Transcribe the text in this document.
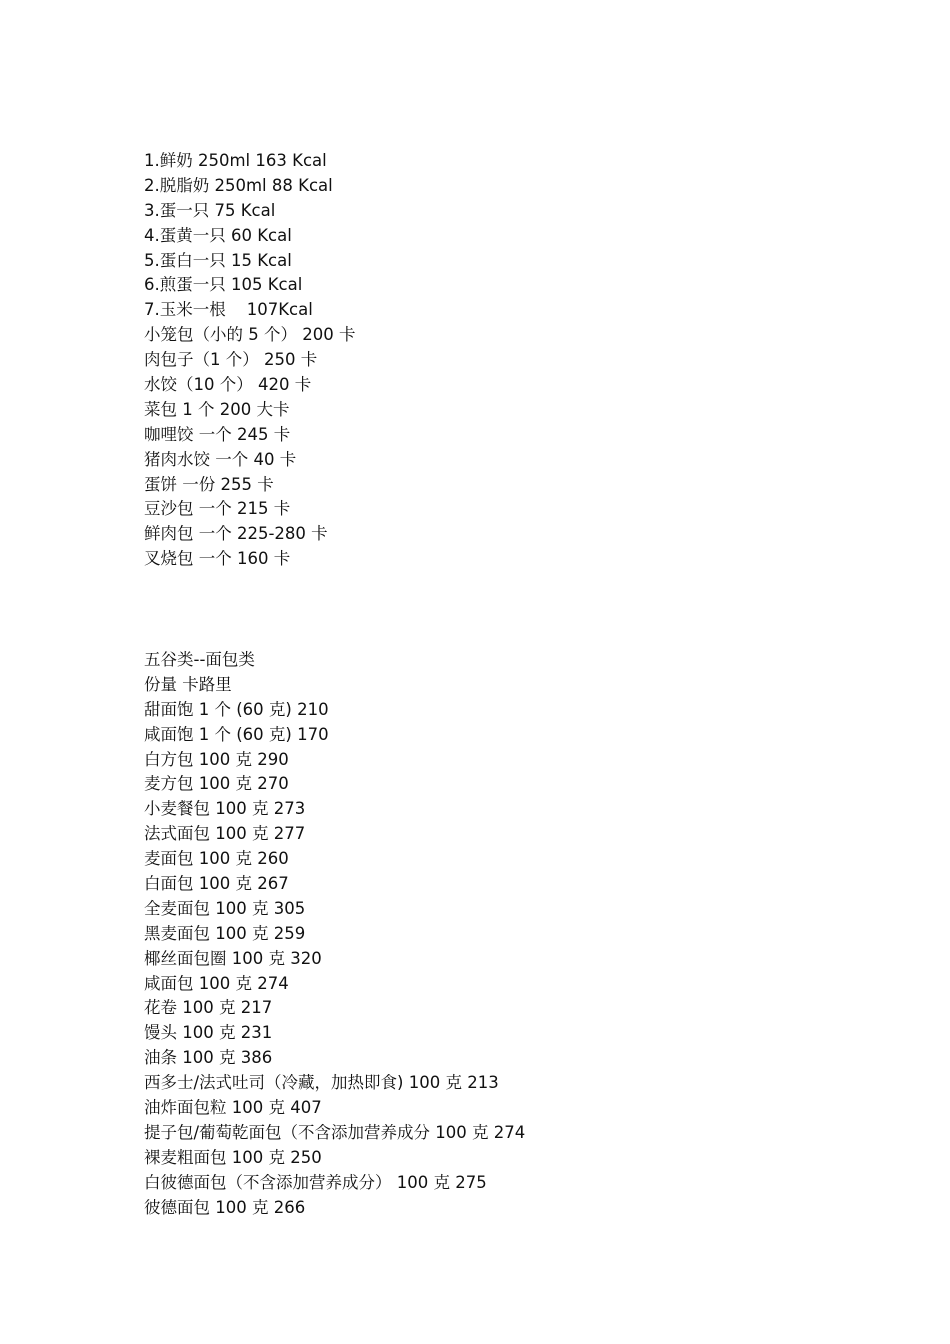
1.鲜奶 250ml 163 Kcal
2.脱脂奶 250ml 88 Kcal
3.蛋一只 75 Kcal
4.蛋黄一只 60 Kcal
5.蛋白一只 15 Kcal
6.煎蛋一只 105 Kcal
7.玉米一根    107Kcal
小笼包（小的 5 个） 200 卡
肉包子（1 个） 250 卡
水饺（10 个） 420 卡
菜包 1 个 200 大卡
咖哩饺 一个 245 卡
猪肉水饺 一个 40 卡
蛋饼 一份 255 卡
豆沙包 一个 215 卡
鲜肉包 一个 225-280 卡
叉烧包 一个 160 卡
五谷类--面包类
份量 卡路里
甜面饱 1 个 (60 克) 210
咸面饱 1 个 (60 克) 170
白方包 100 克 290
麦方包 100 克 270
小麦餐包 100 克 273
法式面包 100 克 277
麦面包 100 克 260
白面包 100 克 267
全麦面包 100 克 305
黑麦面包 100 克 259
椰丝面包圈 100 克 320
咸面包 100 克 274
花卷 100 克 217
馒头 100 克 231
油条 100 克 386
西多士/法式吐司（冷藏，加热即食) 100 克 213
油炸面包粒 100 克 407
提子包/葡萄乾面包（不含添加营养成分 100 克 274
裸麦粗面包 100 克 250
白彼德面包（不含添加营养成分） 100 克 275
彼德面包 100 克 266
